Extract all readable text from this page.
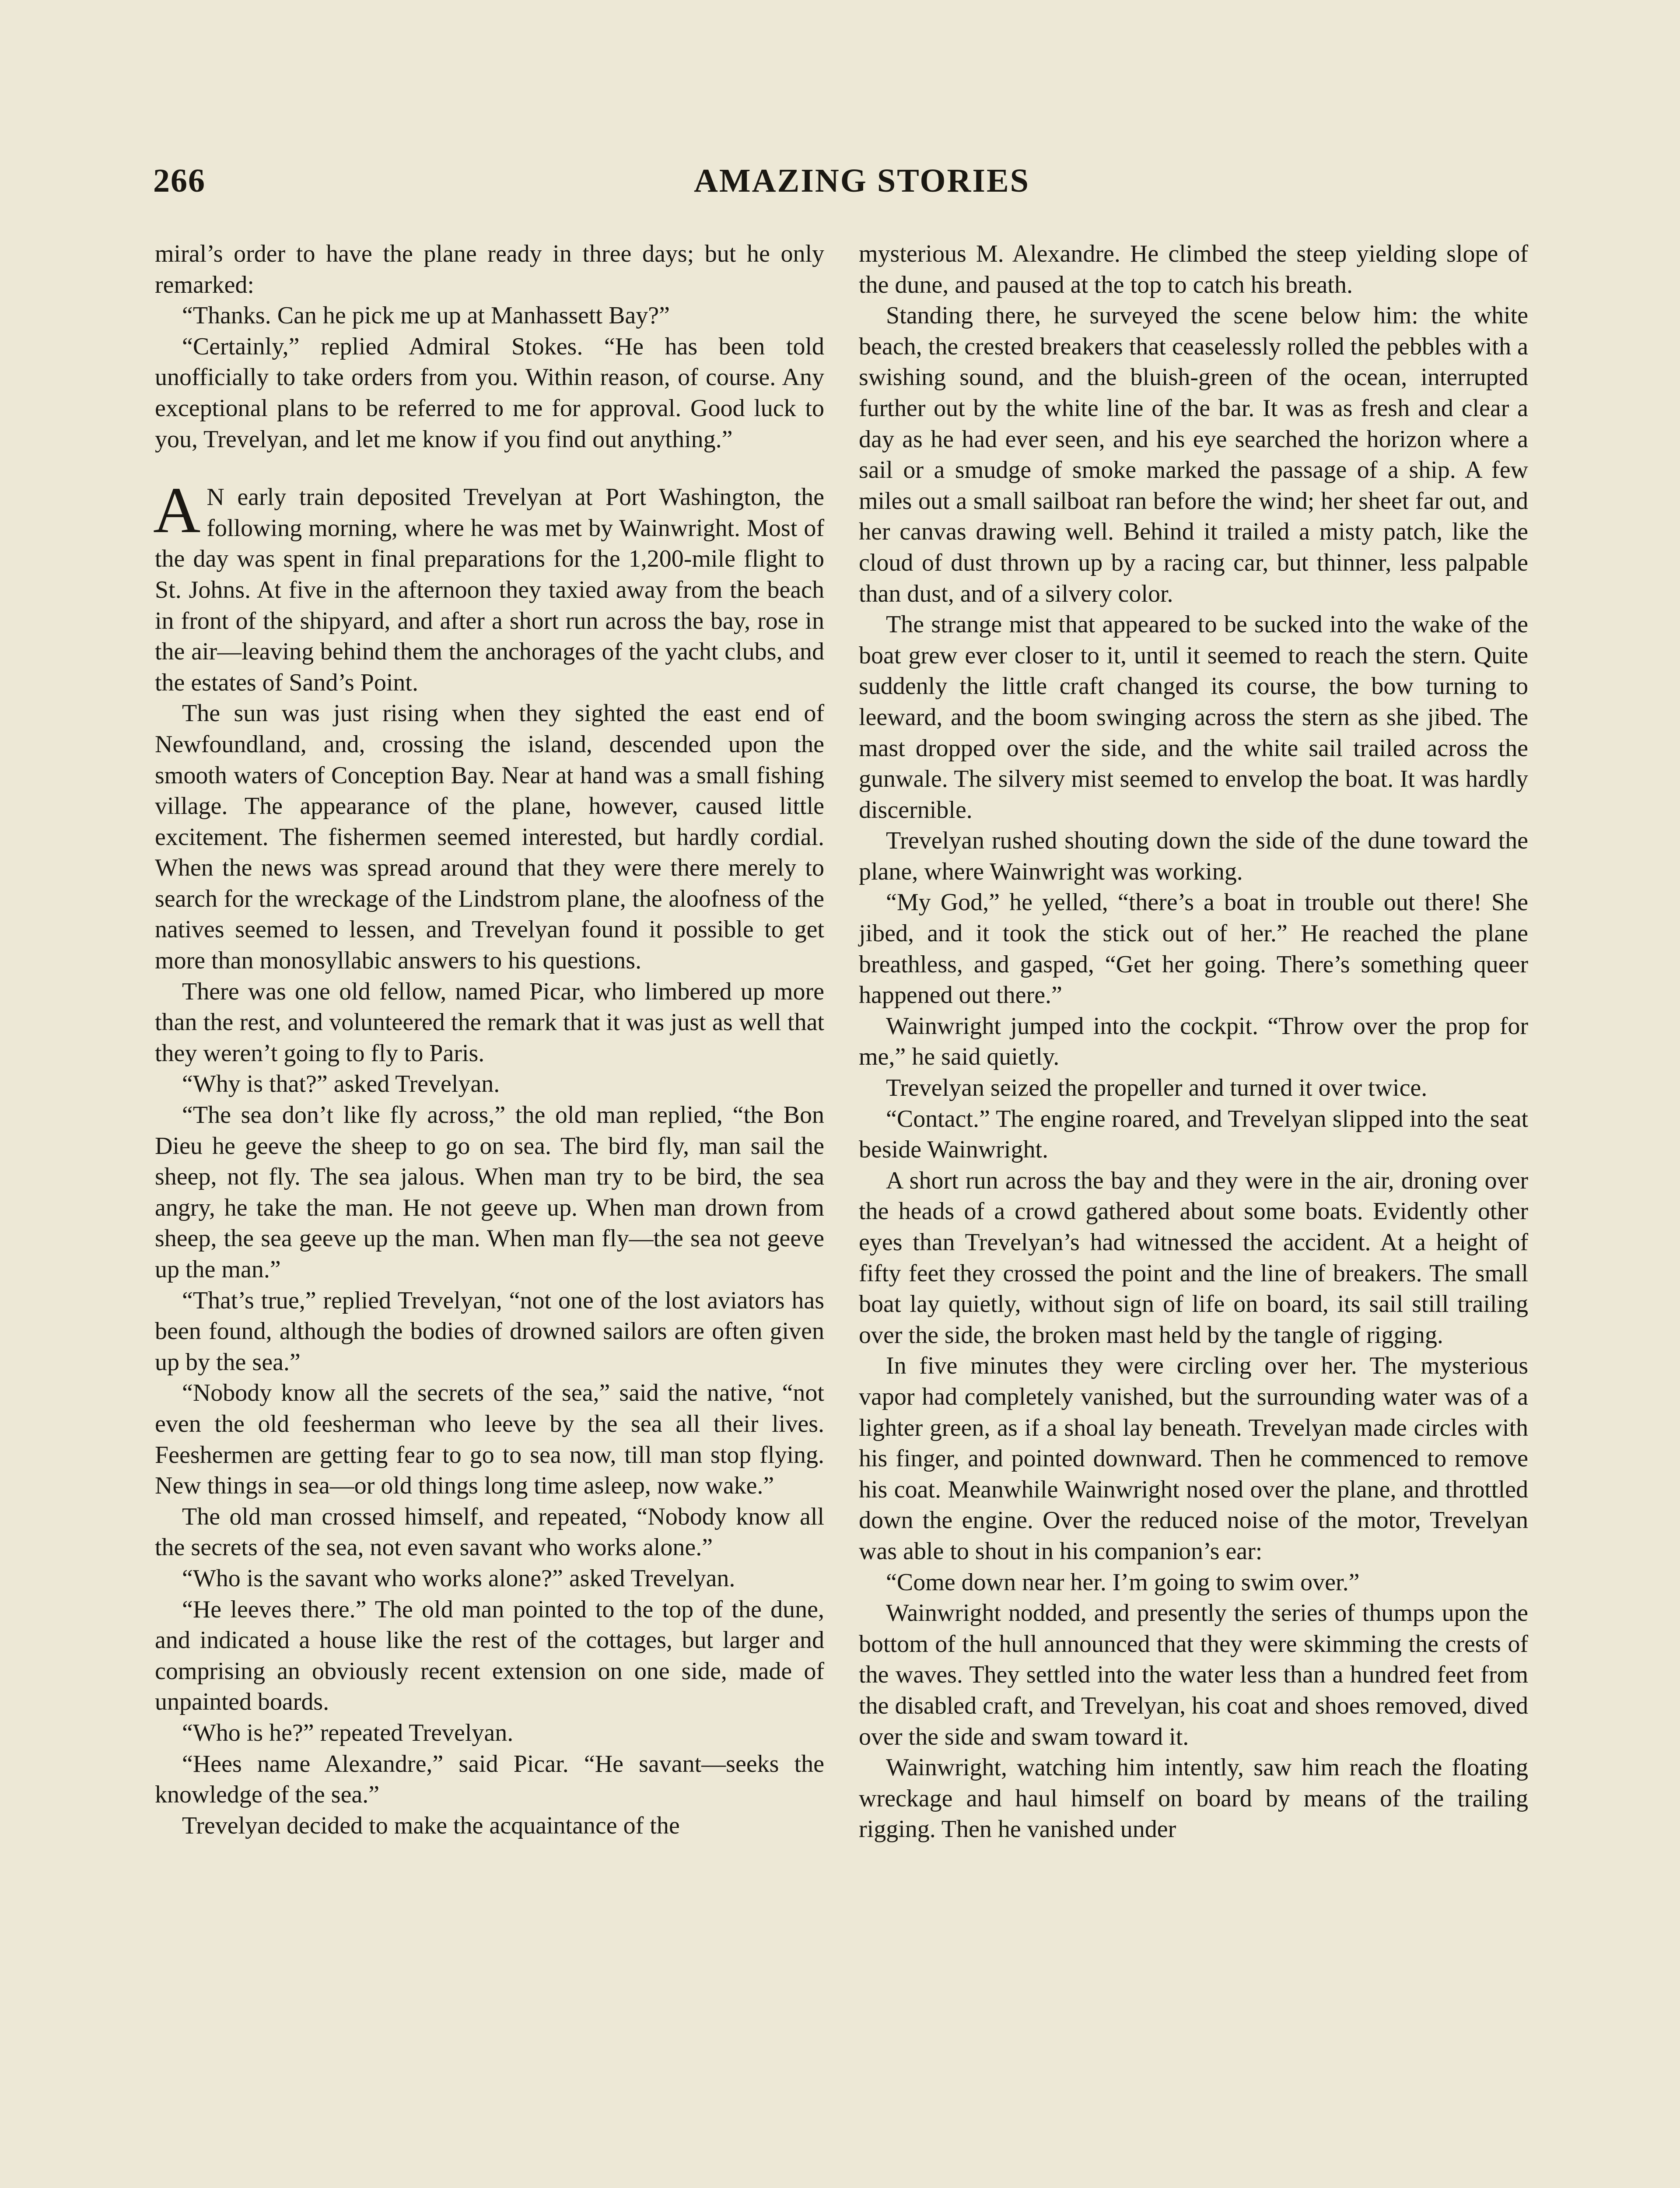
266	AMAZING STORIES

miral’s order to have the plane ready in three days; but he only remarked:

“Thanks. Can he pick me up at Manhassett Bay?”

“Certainly,” replied Admiral Stokes. “He has been told unofficially to take orders from you. Within reason, of course. Any exceptional plans to be referred to me for approval. Good luck to you, Trevelyan, and let me know if you find out anything.”

A N early train deposited Trevelyan at Port Washington, the following morning, where he was met by Wainwright. Most of the day was spent in final preparations for the 1,200-mile flight to St. Johns. At five in the afternoon they taxied away from the beach in front of the shipyard, and after a short run across the bay, rose in the air—leaving behind them the anchorages of the yacht clubs, and the estates of Sand’s Point.

The sun was just rising when they sighted the east end of Newfoundland, and, crossing the island, descended upon the smooth waters of Conception Bay. Near at hand was a small fishing village. The appearance of the plane, however, caused little excitement. The fishermen seemed interested, but hardly cordial. When the news was spread around that they were there merely to search for the wreckage of the Lindstrom plane, the aloofness of the natives seemed to lessen, and Trevelyan found it possible to get more than monosyllabic answers to his questions.

There was one old fellow, named Picar, who limbered up more than the rest, and volunteered the remark that it was just as well that they weren’t going to fly to Paris.

“Why is that?” asked Trevelyan.

“The sea don’t like fly across,” the old man replied, “the Bon Dieu he geeve the sheep to go on sea. The bird fly, man sail the sheep, not fly. The sea jalous. When man try to be bird, the sea angry, he take the man. He not geeve up. When man drown from sheep, the sea geeve up the man. When man fly—the sea not geeve up the man.”

“That’s true,” replied Trevelyan, “not one of the lost aviators has been found, although the bodies of drowned sailors are often given up by the sea.”

“Nobody know all the secrets of the sea,” said the native, “not even the old feesherman who leeve by the sea all their lives. Feeshermen are getting fear to go to sea now, till man stop flying. New things in sea—or old things long time asleep, now wake.”

The old man crossed himself, and repeated, “Nobody know all the secrets of the sea, not even savant who works alone.”

“Who is the savant who works alone?” asked Trevelyan.

“He leeves there.” The old man pointed to the top of the dune, and indicated a house like the rest of the cottages, but larger and comprising an obviously recent extension on one side, made of unpainted boards.

“Who is he?” repeated Trevelyan.

“Hees name Alexandre,” said Picar. “He savant—seeks the knowledge of the sea.”

Trevelyan decided to make the acquaintance of the

mysterious M. Alexandre. He climbed the steep yielding slope of the dune, and paused at the top to catch his breath.

Standing there, he surveyed the scene below him: the white beach, the crested breakers that ceaselessly rolled the pebbles with a swishing sound, and the bluish-green of the ocean, interrupted further out by the white line of the bar. It was as fresh and clear a day as he had ever seen, and his eye searched the horizon where a sail or a smudge of smoke marked the passage of a ship. A few miles out a small sailboat ran before the wind; her sheet far out, and her canvas drawing well. Behind it trailed a misty patch, like the cloud of dust thrown up by a racing car, but thinner, less palpable than dust, and of a silvery color.

The strange mist that appeared to be sucked into the wake of the boat grew ever closer to it, until it seemed to reach the stern. Quite suddenly the little craft changed its course, the bow turning to leeward, and the boom swinging across the stern as she jibed. The mast dropped over the side, and the white sail trailed across the gunwale. The silvery mist seemed to envelop the boat. It was hardly discernible.

Trevelyan rushed shouting down the side of the dune toward the plane, where Wainwright was working.

“My God,” he yelled, “there’s a boat in trouble out there! She jibed, and it took the stick out of her.” He reached the plane breathless, and gasped, “Get her going. There’s something queer happened out there.”

Wainwright jumped into the cockpit. “Throw over the prop for me,” he said quietly.

Trevelyan seized the propeller and turned it over twice.

“Contact.” The engine roared, and Trevelyan slipped into the seat beside Wainwright.

A short run across the bay and they were in the air, droning over the heads of a crowd gathered about some boats. Evidently other eyes than Trevelyan’s had witnessed the accident. At a height of fifty feet they crossed the point and the line of breakers. The small boat lay quietly, without sign of life on board, its sail still trailing over the side, the broken mast held by the tangle of rigging.

In five minutes they were circling over her. The mysterious vapor had completely vanished, but the surrounding water was of a lighter green, as if a shoal lay beneath. Trevelyan made circles with his finger, and pointed downward. Then he commenced to remove his coat. Meanwhile Wainwright nosed over the plane, and throttled down the engine. Over the reduced noise of the motor, Trevelyan was able to shout in his companion’s ear:

“Come down near her. I’m going to swim over.”

Wainwright nodded, and presently the series of thumps upon the bottom of the hull announced that they were skimming the crests of the waves. They settled into the water less than a hundred feet from the disabled craft, and Trevelyan, his coat and shoes removed, dived over the side and swam toward it.

Wainwright, watching him intently, saw him reach the floating wreckage and haul himself on board by means of the trailing rigging. Then he vanished under
